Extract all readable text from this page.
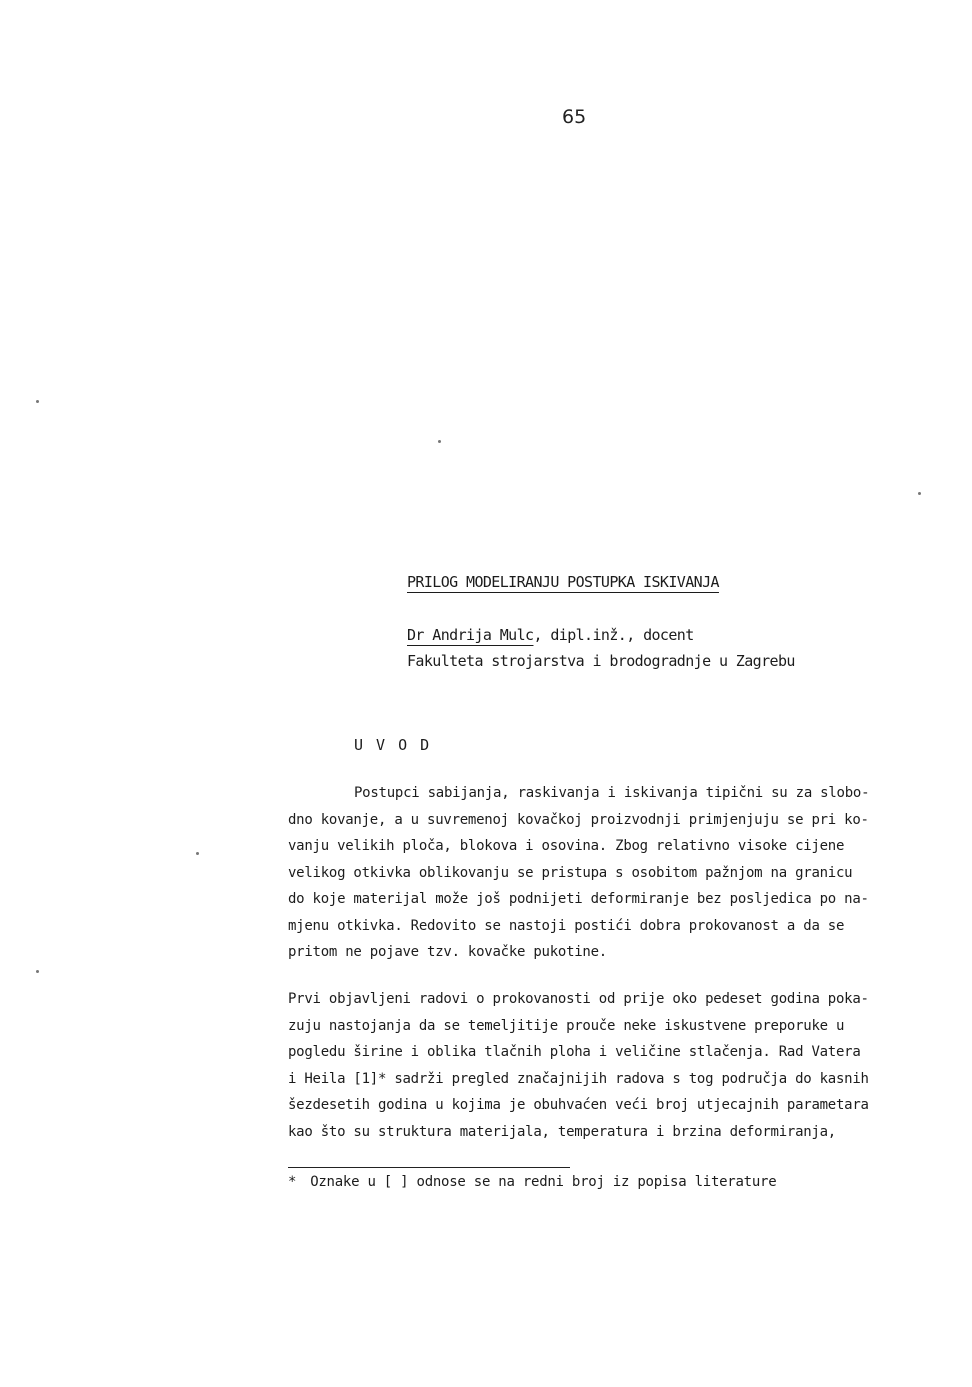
65
PRILOG MODELIRANJU POSTUPKA ISKIVANJA
Dr Andrija Mulc, dipl.inž., docent
Fakulteta strojarstva i brodogradnje u Zagrebu
U V O D
Postupci sabijanja, raskivanja i iskivanja tipični su za slobo-
dno kovanje, a u suvremenoj kovačkoj proizvodnji primjenjuju se pri ko-
vanju velikih ploča, blokova i osovina. Zbog relativno visoke cijene
velikog otkivka oblikovanju se pristupa s osobitom pažnjom na granicu
do koje materijal može još podnijeti deformiranje bez posljedica po na-
mjenu otkivka. Redovito se nastoji postići dobra prokovanost a da se
pritom ne pojave tzv. kovačke pukotine.
Prvi objavljeni radovi o prokovanosti od prije oko pedeset godina poka-
zuju nastojanja da se temeljitije prouče neke iskustvene preporuke u
pogledu širine i oblika tlačnih ploha i veličine stlačenja. Rad Vatera
i Heila [1]* sadrži pregled značajnijih radova s tog područja do kasnih
šezdesetih godina u kojima je obuhvaćen veći broj utjecajnih parametara
kao što su struktura materijala, temperatura i brzina deformiranja,
* Oznake u [ ] odnose se na redni broj iz popisa literature
